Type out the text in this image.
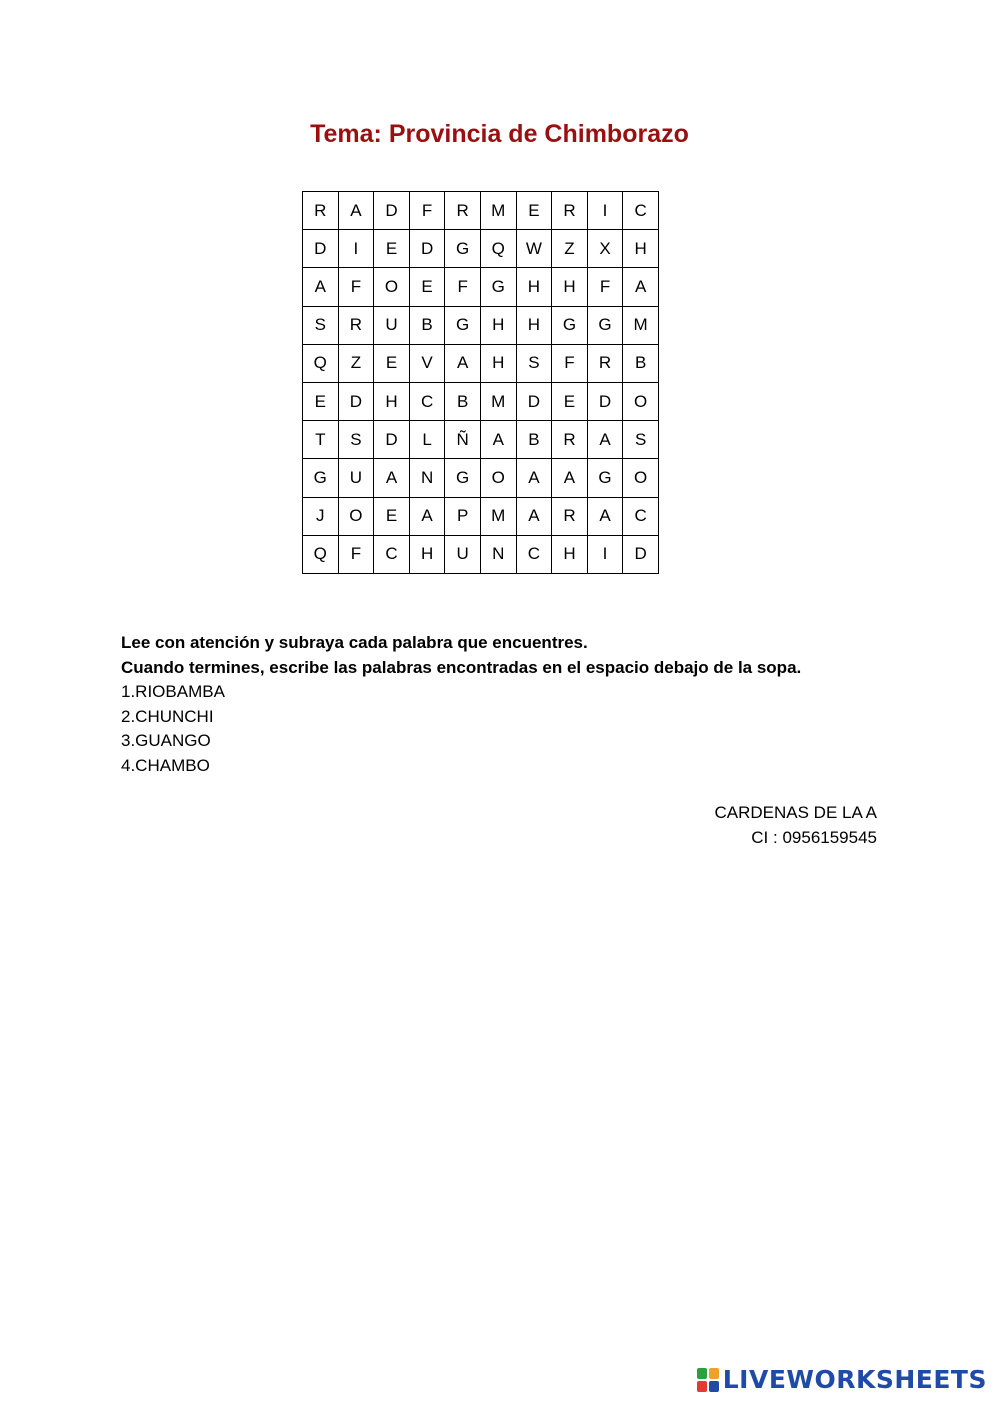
Tema: Provincia de Chimborazo
R	A	D	F	R	M	E	R	I	C
D	I	E	D	G	Q	W	Z	X	H
A	F	O	E	F	G	H	H	F	A
S	R	U	B	G	H	H	G	G	M
Q	Z	E	V	A	H	S	F	R	B
E	D	H	C	B	M	D	E	D	O
T	S	D	L	Ñ	A	B	R	A	S
G	U	A	N	G	O	A	A	G	O
J	O	E	A	P	M	A	R	A	C
Q	F	C	H	U	N	C	H	I	D
Lee con atención y subraya cada palabra que encuentres.
Cuando termines, escribe las palabras encontradas en el espacio debajo de la sopa.
1.RIOBAMBA
2.CHUNCHI
3.GUANGO
4.CHAMBO
CARDENAS DE LA A
CI : 0956159545
LIVEWORKSHEETS
